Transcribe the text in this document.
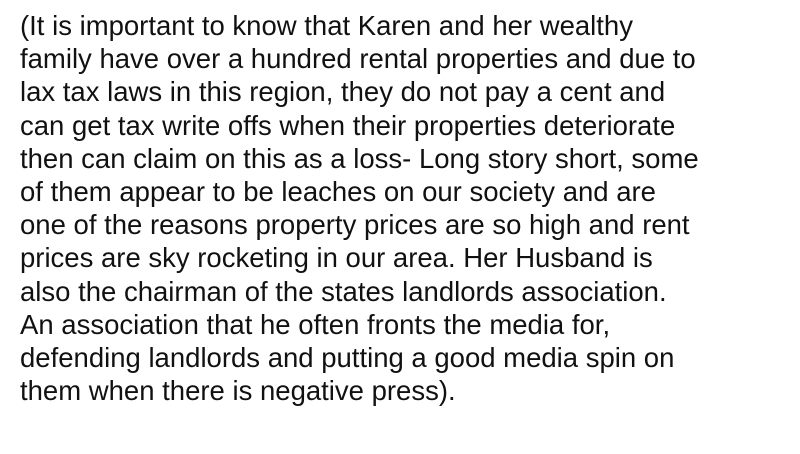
(It is important to know that Karen and her wealthy
family have over a hundred rental properties and due to
lax tax laws in this region, they do not pay a cent and
can get tax write offs when their properties deteriorate
then can claim on this as a loss- Long story short, some
of them appear to be leaches on our society and are
one of the reasons property prices are so high and rent
prices are sky rocketing in our area. Her Husband is
also the chairman of the states landlords association.
An association that he often fronts the media for,
defending landlords and putting a good media spin on
them when there is negative press).
